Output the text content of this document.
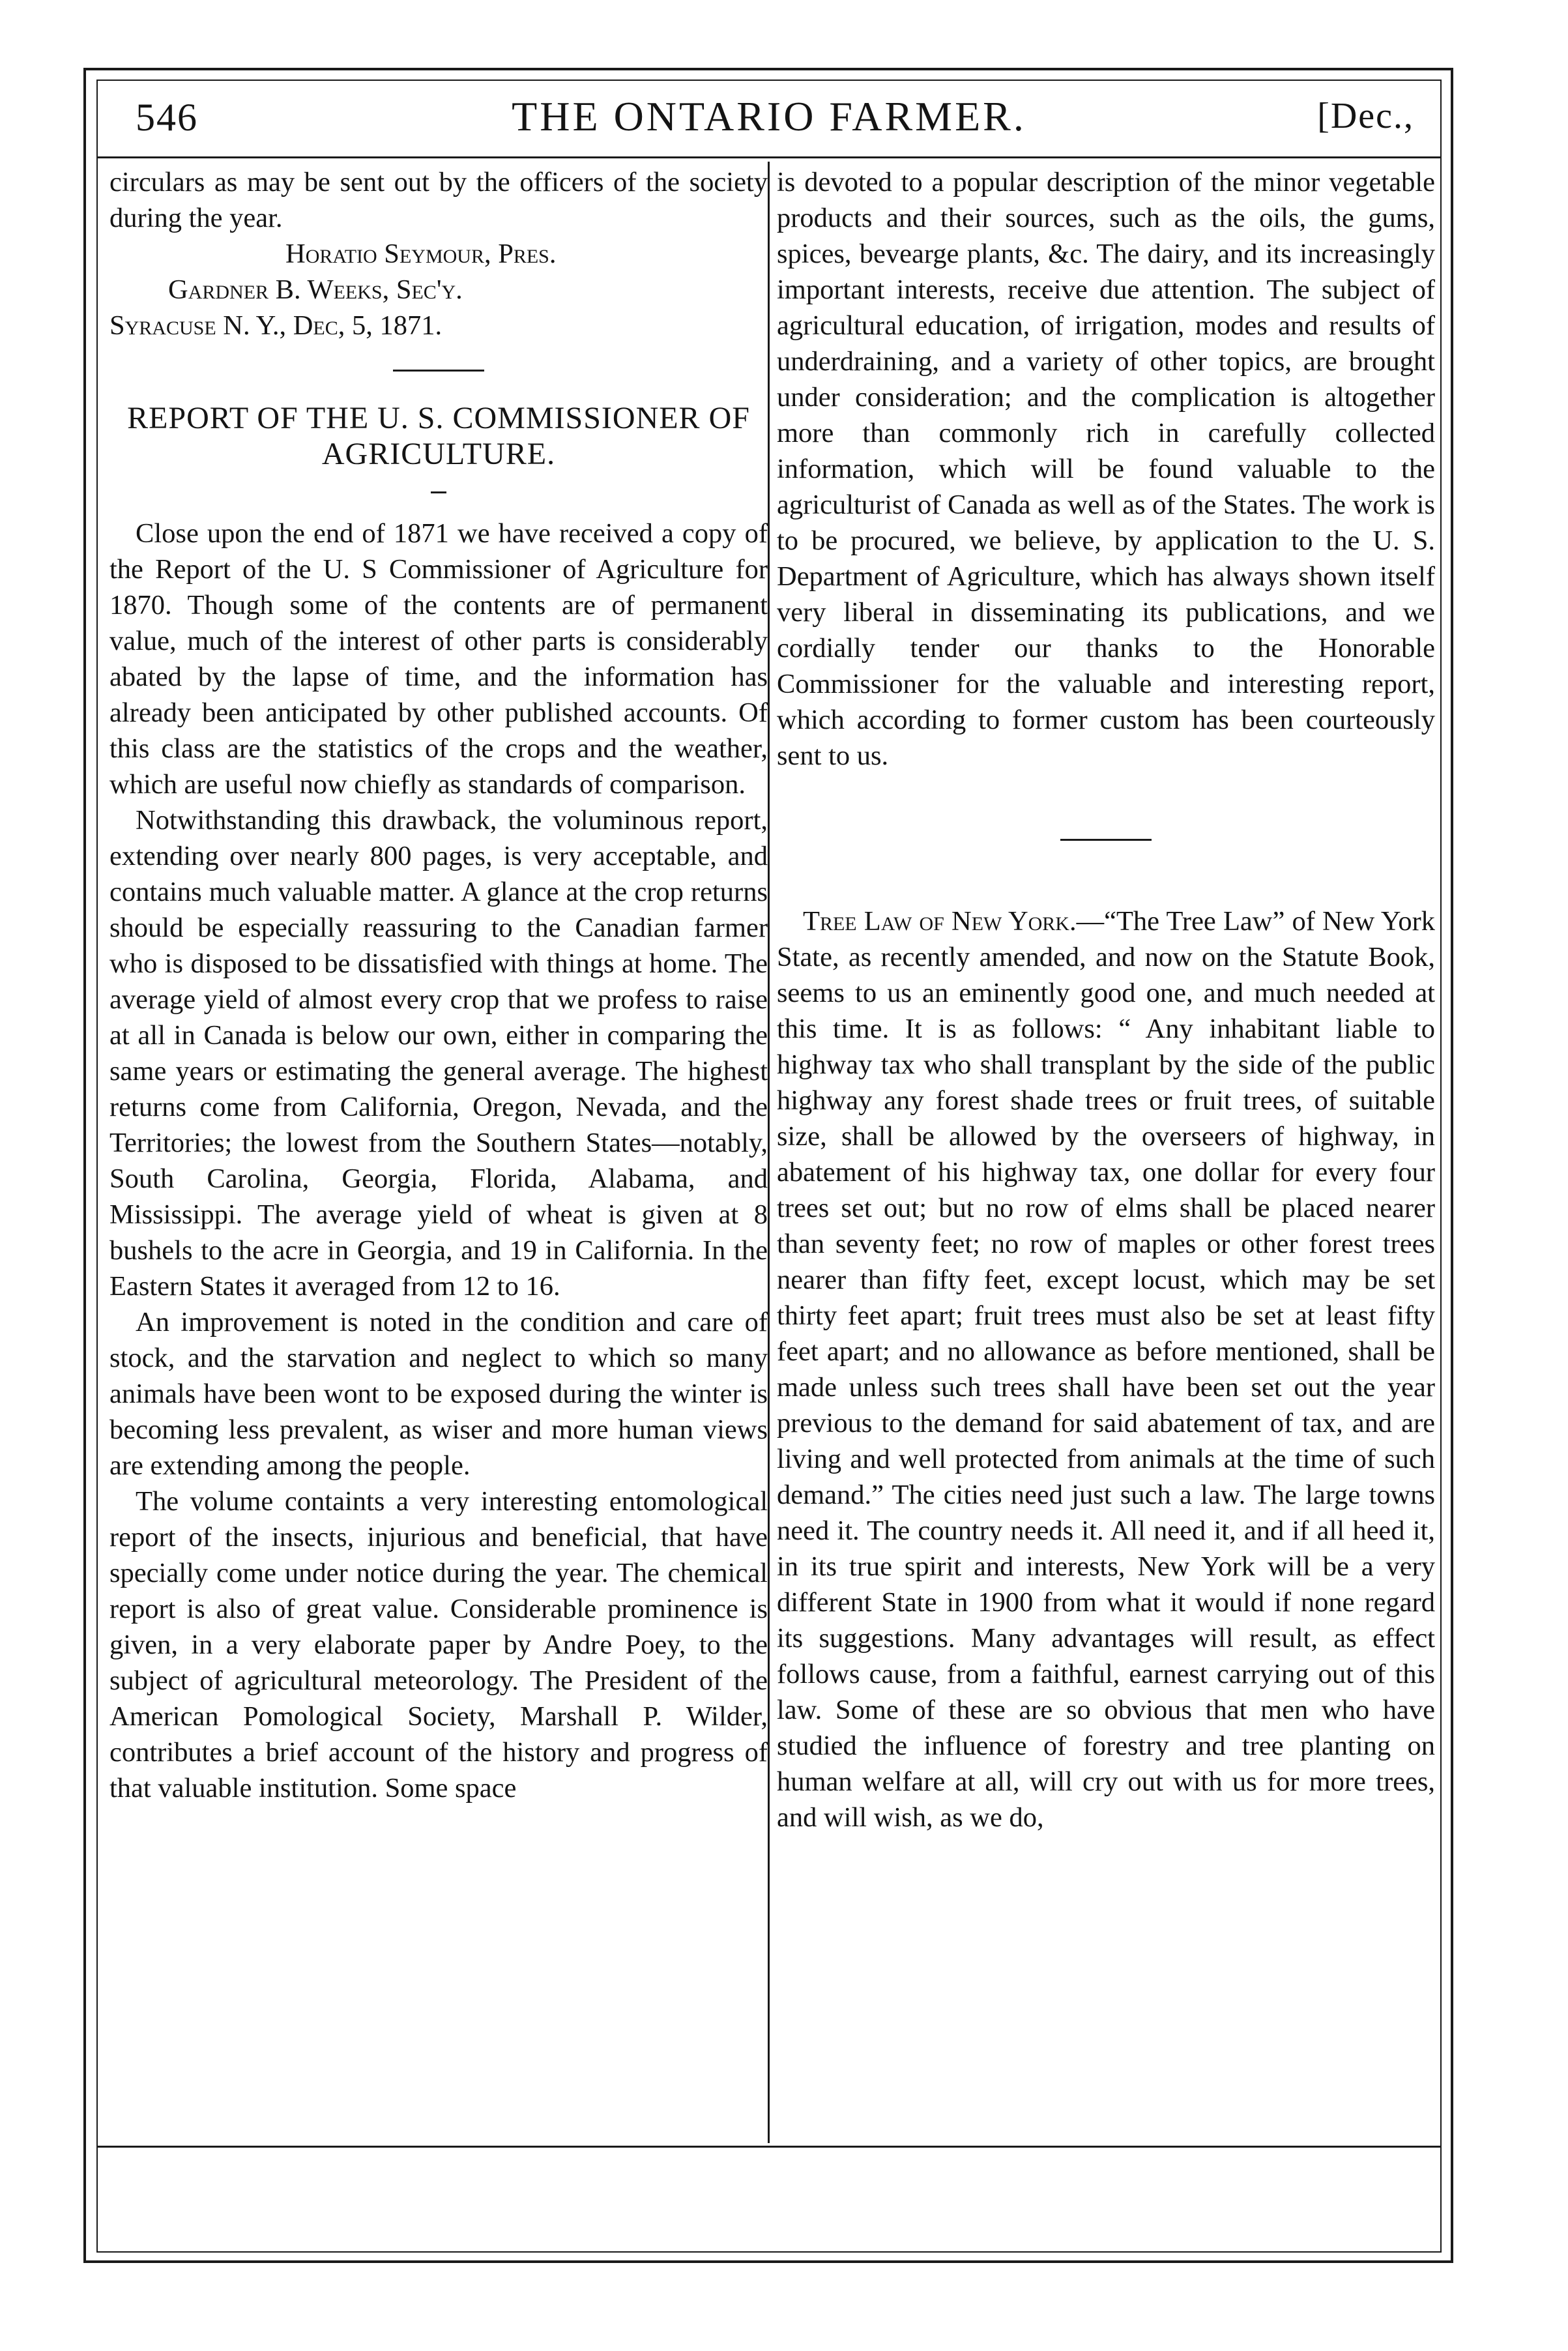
546	THE ONTARIO FARMER.	[Dec.,

circulars as may be sent out by the officers of the society during the year.

Horatio Seymour, Pres.

Gardner B. Weeks, Sec'y.

Syracuse N. Y., Dec, 5, 1871.

REPORT OF THE U. S. COMMISSIONER OF AGRICULTURE.

Close upon the end of 1871 we have received a copy of the Report of the U. S Commissioner of Agriculture for 1870. Though some of the contents are of permanent value, much of the interest of other parts is considerably abated by the lapse of time, and the information has already been anticipated by other published accounts. Of this class are the statistics of the crops and the weather, which are useful now chiefly as standards of comparison.

Notwithstanding this drawback, the voluminous report, extending over nearly 800 pages, is very acceptable, and contains much valuable matter. A glance at the crop returns should be especially reassuring to the Canadian farmer who is disposed to be dissatisfied with things at home. The average yield of almost every crop that we profess to raise at all in Canada is below our own, either in comparing the same years or estimating the general average. The highest returns come from California, Oregon, Nevada, and the Territories; the lowest from the Southern States—notably, South Carolina, Georgia, Florida, Alabama, and Mississippi. The average yield of wheat is given at 8 bushels to the acre in Georgia, and 19 in California. In the Eastern States it averaged from 12 to 16.

An improvement is noted in the condition and care of stock, and the starvation and neglect to which so many animals have been wont to be exposed during the winter is becoming less prevalent, as wiser and more human views are extending among the people.

The volume containts a very interesting entomological report of the insects, injurious and beneficial, that have specially come under notice during the year. The chemical report is also of great value. Considerable prominence is given, in a very elaborate paper by Andre Poey, to the subject of agricultural meteorology. The President of the American Pomological Society, Marshall P. Wilder, contributes a brief account of the history and progress of that valuable institution. Some space

is devoted to a popular description of the minor vegetable products and their sources, such as the oils, the gums, spices, bevearge plants, &c. The dairy, and its increasingly important interests, receive due attention. The subject of agricultural education, of irrigation, modes and results of underdraining, and a variety of other topics, are brought under consideration; and the complication is altogether more than commonly rich in carefully collected information, which will be found valuable to the agriculturist of Canada as well as of the States. The work is to be procured, we believe, by application to the U. S. Department of Agriculture, which has always shown itself very liberal in disseminating its publications, and we cordially tender our thanks to the Honorable Commissioner for the valuable and interesting report, which according to former custom has been courteously sent to us.

Tree Law of New York.—“The Tree Law” of New York State, as recently amended, and now on the Statute Book, seems to us an eminently good one, and much needed at this time. It is as follows: “ Any inhabitant liable to highway tax who shall transplant by the side of the public highway any forest shade trees or fruit trees, of suitable size, shall be allowed by the overseers of highway, in abatement of his highway tax, one dollar for every four trees set out; but no row of elms shall be placed nearer than seventy feet; no row of maples or other forest trees nearer than fifty feet, except locust, which may be set thirty feet apart; fruit trees must also be set at least fifty feet apart; and no allowance as before mentioned, shall be made unless such trees shall have been set out the year previous to the demand for said abatement of tax, and are living and well protected from animals at the time of such demand.” The cities need just such a law. The large towns need it. The country needs it. All need it, and if all heed it, in its true spirit and interests, New York will be a very different State in 1900 from what it would if none regard its suggestions. Many advantages will result, as effect follows cause, from a faithful, earnest carrying out of this law. Some of these are so obvious that men who have studied the influence of forestry and tree planting on human welfare at all, will cry out with us for more trees, and will wish, as we do,
